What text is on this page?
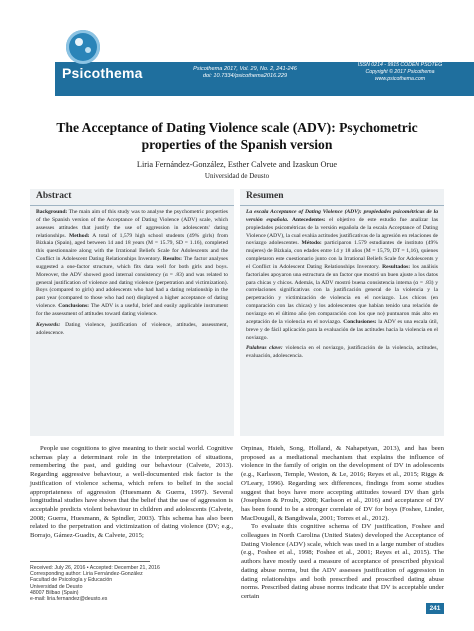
Psicothema	Psicothema 2017, Vol. 29, No. 2, 241-246
doi: 10.7334/psicothema2016.229
ISSN 0214 - 9915 CODEN PSOTEG
Copyright © 2017 Psicothema
www.psicothema.com
The Acceptance of Dating Violence scale (ADV): Psychometric properties of the Spanish version
Liria Fernández-González, Esther Calvete and Izaskun Orue
Universidad de Deusto
Abstract
Background: The main aim of this study was to analyse the psychometric properties of the Spanish version of the Acceptance of Dating Violence (ADV) scale, which assesses attitudes that justify the use of aggression in adolescents' dating relationships. Method: A total of 1,579 high school students (49% girls) from Bizkaia (Spain), aged between 14 and 18 years (M = 15.79, SD = 1.16), completed this questionnaire along with the Irrational Beliefs Scale for Adolescents and the Conflict in Adolescent Dating Relationships Inventory. Results: The factor analyses suggested a one-factor structure, which fits data well for both girls and boys. Moreover, the ADV showed good internal consistency (α = .83) and was related to general justification of violence and dating violence (perpetration and victimization). Boys (compared to girls) and adolescents who had had a dating relationship in the past year (compared to those who had not) displayed a higher acceptance of dating violence. Conclusions: The ADV is a useful, brief and easily applicable instrument for the assessment of attitudes toward dating violence.
Keywords: Dating violence, justification of violence, attitudes, assessment, adolescence.
Resumen
La escala Acceptance of Dating Violence (ADV): propiedades psicométricas de la versión española. Antecedentes: el objetivo de este estudio fue analizar las propiedades psicométricas de la versión española de la escala Acceptance of Dating Violence (ADV), la cual evalúa actitudes justificativas de la agresión en relaciones de noviazgo adolescentes. Método: participaron 1.579 estudiantes de instituto (49% mujeres) de Bizkaia, con edades entre 14 y 18 años (M = 15,79, DT = 1,16), quienes completaron este cuestionario junto con la Irrational Beliefs Scale for Adolescents y el Conflict in Adolescent Dating Relationships Inventory. Resultados: los análisis factoriales apoyaron una estructura de un factor que mostró un buen ajuste a los datos para chicas y chicos. Además, la ADV mostró buena consistencia interna (α = .83) y correlaciones significativas con la justificación general de la violencia y la perpetración y victimización de violencia en el noviazgo. Los chicos (en comparación con las chicas) y los adolescentes que habían tenido una relación de noviazgo en el último año (en comparación con los que no) puntuaron más alto en aceptación de la violencia en el noviazgo. Conclusiones: la ADV es una escala útil, breve y de fácil aplicación para la evaluación de las actitudes hacia la violencia en el noviazgo.
Palabras clave: violencia en el noviazgo, justificación de la violencia, actitudes, evaluación, adolescencia.

People use cognitions to give meaning to their social world. Cognitive schemas play a determinant role in the interpretation of situations, remembering the past, and guiding our behaviour (Calvete, 2013). Regarding aggressive behaviour, a well-documented risk factor is the justification of violence schema, which refers to belief in the social appropriateness of aggression (Huesmann & Guerra, 1997). Several longitudinal studies have shown that the belief that the use of aggression is acceptable predicts violent behaviour in children and adolescents (Calvete, 2008; Guerra, Huesmann, & Spindler, 2003). This schema has also been related to the perpetration and victimization of dating violence (DV; e.g., Borrajo, Gámez-Guadix, & Calvete, 2015;

Orpinas, Hsieh, Song, Holland, & Nahapetyan, 2013), and has been proposed as a mediational mechanism that explains the influence of violence in the family of origin on the development of DV in adolescents (e.g., Karlsson, Temple, Weston, & Le, 2016; Reyes et al., 2015; Riggs & O'Leary, 1996). Regarding sex differences, findings from some studies suggest that boys have more accepting attitudes toward DV than girls (Josephson & Proulx, 2008; Karlsson et al., 2016) and acceptance of DV has been found to be a stronger correlate of DV for boys (Foshee, Linder, MacDougall, & Bangdiwala, 2001; Torres et al., 2012).

To evaluate this cognitive schema of DV justification, Foshee and colleagues in North Carolina (United States) developed the Acceptance of Dating Violence (ADV) scale, which was used in a large number of studies (e.g., Foshee et al., 1998; Foshee et al., 2001; Reyes et al., 2015). The authors have mostly used a measure of acceptance of prescribed physical dating abuse norms, but the ADV assesses justification of aggression in dating relationships and both prescribed and proscribed dating abuse norms. Prescribed dating abuse norms indicate that DV is acceptable under certain

Received: July 26, 2016 • Accepted: December 21, 2016
Corresponding author: Liria Fernández-González
Facultad de Psicología y Educación
Universidad de Deusto
48007 Bilbao (Spain)
e-mail: liria.fernandez@deusto.es
241
